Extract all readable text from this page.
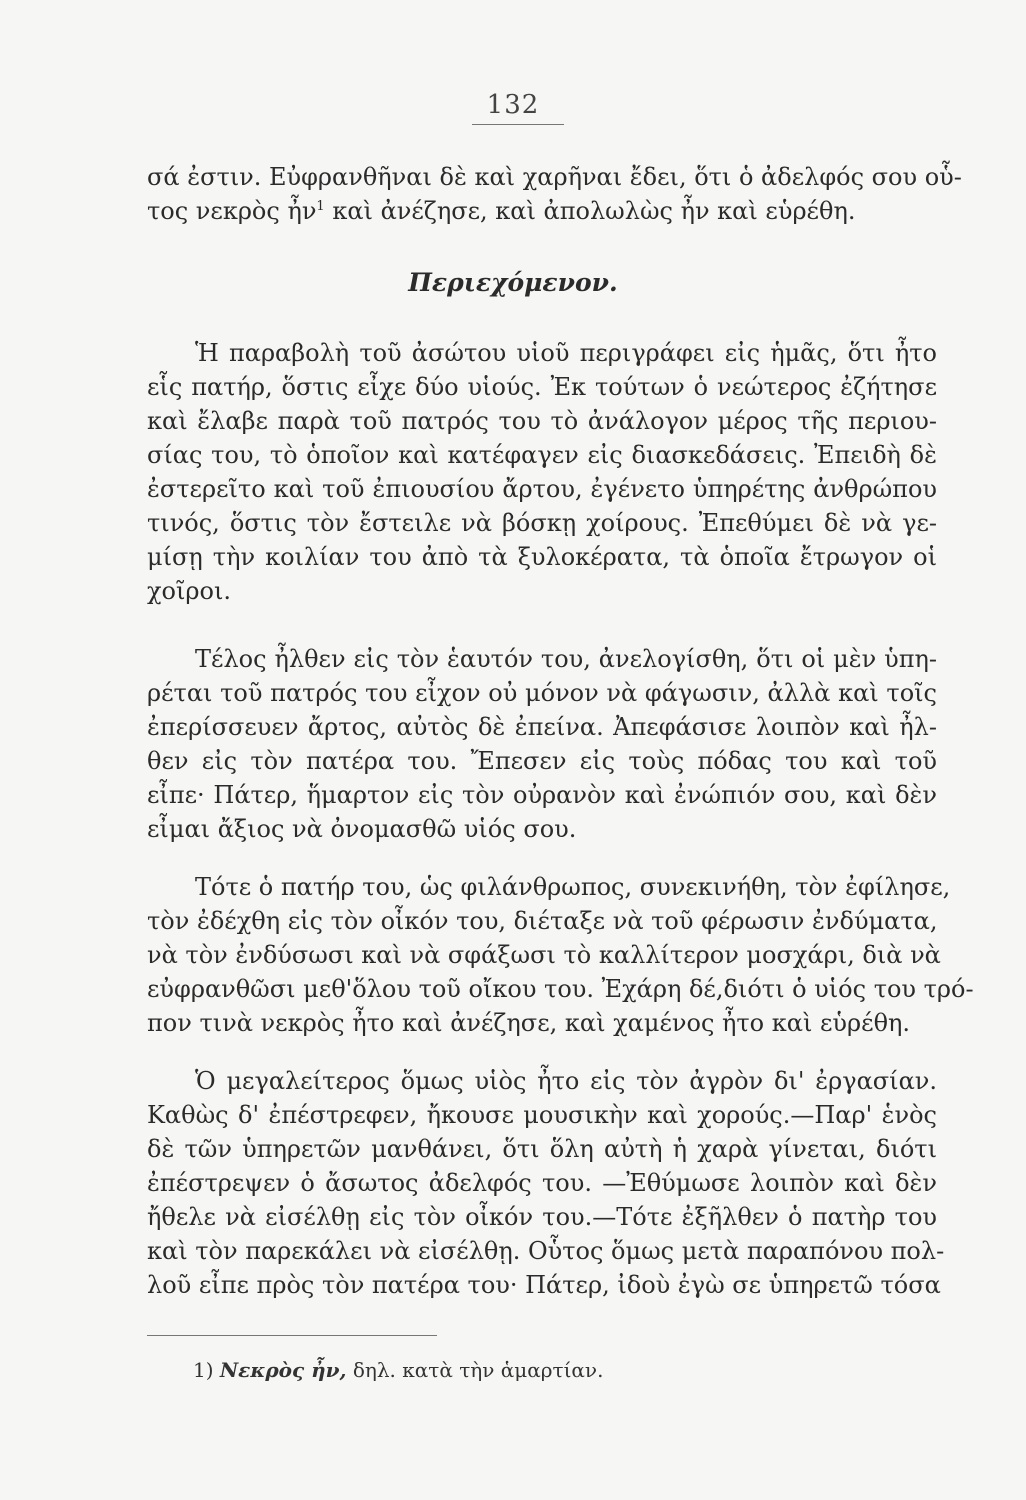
132
σά ἐστιν. Εὐφρανθῆναι δὲ καὶ χαρῆναι ἔδει, ὅτι ὁ ἀδελφός σου οὗ-
τος νεκρὸς ἦν$^1$ καὶ ἀνέζησε, καὶ ἀπολωλὼς ἦν καὶ εὑρέθη.
Περιεχόμενον.
Ἡ παραβολὴ τοῦ ἀσώτου υἱοῦ περιγράφει εἰς ἡμᾶς, ὅτι ἦτο
εἷς πατήρ, ὅστις εἶχε δύο υἱούς. Ἐκ τούτων ὁ νεώτερος ἐζήτησε
καὶ ἔλαβε παρὰ τοῦ πατρός του τὸ ἀνάλογον μέρος τῆς περιου-
σίας του, τὸ ὁποῖον καὶ κατέφαγεν εἰς διασκεδάσεις. Ἐπειδὴ δὲ
ἐστερεῖτο καὶ τοῦ ἐπιουσίου ἄρτου, ἐγένετο ὑπηρέτης ἀνθρώπου
τινός, ὅστις τὸν ἔστειλε νὰ βόσκῃ χοίρους. Ἐπεθύμει δὲ νὰ γε-
μίσῃ τὴν κοιλίαν του ἀπὸ τὰ ξυλοκέρατα, τὰ ὁποῖα ἔτρωγον οἱ
χοῖροι.
Τέλος ἦλθεν εἰς τὸν ἑαυτόν του, ἀνελογίσθη, ὅτι οἱ μὲν ὑπη-
ρέται τοῦ πατρός του εἶχον οὐ μόνον νὰ φάγωσιν, ἀλλὰ καὶ τοῖς
ἐπερίσσευεν ἄρτος, αὐτὸς δὲ ἐπείνα. Ἀπεφάσισε λοιπὸν καὶ ἦλ-
θεν εἰς τὸν πατέρα του. Ἔπεσεν εἰς τοὺς πόδας του καὶ τοῦ
εἶπε· Πάτερ, ἥμαρτον εἰς τὸν οὐρανὸν καὶ ἐνώπιόν σου, καὶ δὲν
εἶμαι ἄξιος νὰ ὀνομασθῶ υἱός σου.
Τότε ὁ πατήρ του, ὡς φιλάνθρωπος, συνεκινήθη, τὸν ἐφίλησε,
τὸν ἐδέχθη εἰς τὸν οἶκόν του, διέταξε νὰ τοῦ φέρωσιν ἐνδύματα,
νὰ τὸν ἐνδύσωσι καὶ νὰ σφάξωσι τὸ καλλίτερον μοσχάρι, διὰ νὰ
εὐφρανθῶσι μεθ'ὅλου τοῦ οἴκου του. Ἐχάρη δέ,διότι ὁ υἱός του τρό-
πον τινὰ νεκρὸς ἦτο καὶ ἀνέζησε, καὶ χαμένος ἦτο καὶ εὑρέθη.
Ὁ μεγαλείτερος ὅμως υἱὸς ἦτο εἰς τὸν ἀγρὸν δι' ἐργασίαν.
Καθὼς δ' ἐπέστρεφεν, ἤκουσε μουσικὴν καὶ χορούς.—Παρ' ἑνὸς
δὲ τῶν ὑπηρετῶν μανθάνει, ὅτι ὅλη αὐτὴ ἡ χαρὰ γίνεται, διότι
ἐπέστρεψεν ὁ ἄσωτος ἀδελφός του. —Ἐθύμωσε λοιπὸν καὶ δὲν
ἤθελε νὰ εἰσέλθῃ εἰς τὸν οἶκόν του.—Τότε ἐξῆλθεν ὁ πατὴρ του
καὶ τὸν παρεκάλει νὰ εἰσέλθῃ. Οὗτος ὅμως μετὰ παραπόνου πολ-
λοῦ εἶπε πρὸς τὸν πατέρα του· Πάτερ, ἰδοὺ ἐγὼ σε ὑπηρετῶ τόσα
1) Νεκρὸς ἦν, δηλ. κατὰ τὴν ἁμαρτίαν.
